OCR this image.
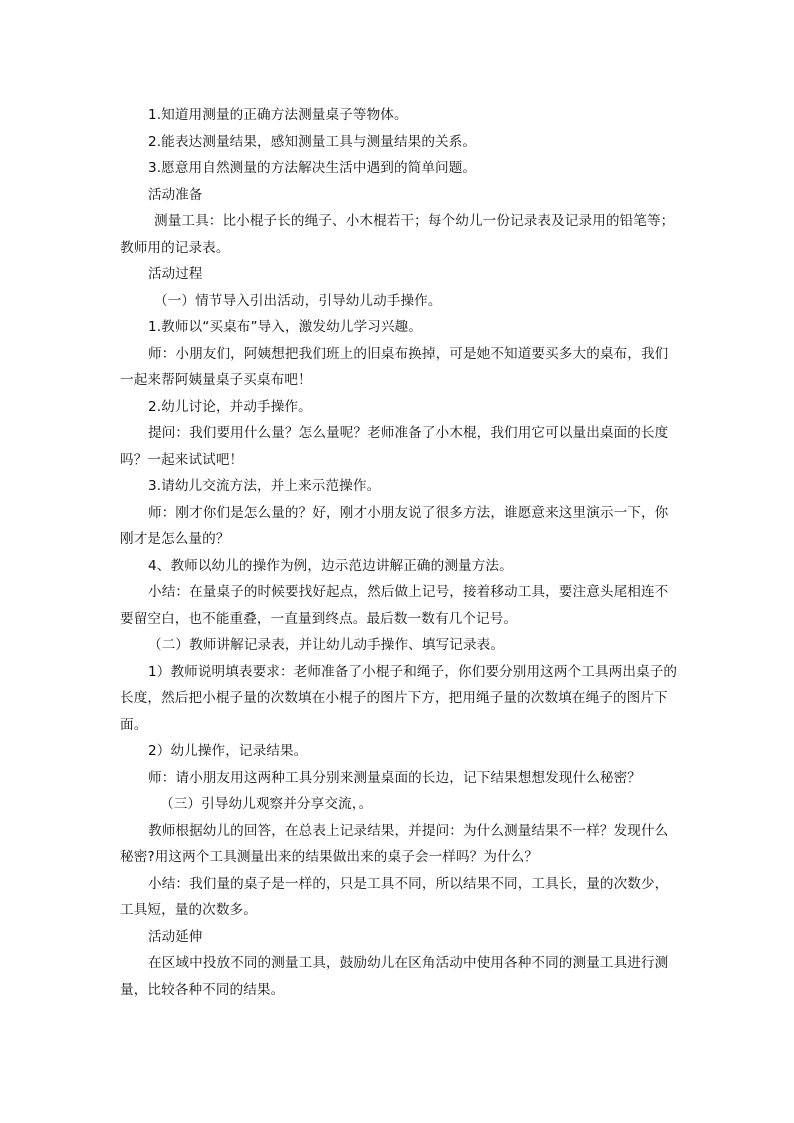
1.知道用测量的正确方法测量桌子等物体。

2.能表达测量结果，感知测量工具与测量结果的关系。

3.愿意用自然测量的方法解决生活中遇到的简单问题。

活动准备

测量工具：比小棍子长的绳子、小木棍若干；每个幼儿一份记录表及记录用的铅笔等；教师用的记录表。

活动过程

（一）情节导入引出活动，引导幼儿动手操作。

1.教师以“买桌布”导入，激发幼儿学习兴趣。

师：小朋友们，阿姨想把我们班上的旧桌布换掉，可是她不知道要买多大的桌布，我们一起来帮阿姨量桌子买桌布吧！

2.幼儿讨论，并动手操作。

提问：我们要用什么量？怎么量呢？老师准备了小木棍，我们用它可以量出桌面的长度吗？一起来试试吧！

3.请幼儿交流方法，并上来示范操作。

师：刚才你们是怎么量的？好，刚才小朋友说了很多方法，谁愿意来这里演示一下，你刚才是怎么量的？

4、教师以幼儿的操作为例，边示范边讲解正确的测量方法。

小结：在量桌子的时候要找好起点，然后做上记号，接着移动工具，要注意头尾相连不要留空白，也不能重叠，一直量到终点。最后数一数有几个记号。

（二）教师讲解记录表，并让幼儿动手操作、填写记录表。

1）教师说明填表要求：老师准备了小棍子和绳子，你们要分别用这两个工具两出桌子的长度，然后把小棍子量的次数填在小棍子的图片下方，把用绳子量的次数填在绳子的图片下面。

2）幼儿操作，记录结果。

师：请小朋友用这两种工具分别来测量桌面的长边，记下结果想想发现什么秘密？

（三）引导幼儿观察并分享交流，。

教师根据幼儿的回答，在总表上记录结果，并提问：为什么测量结果不一样？发现什么秘密?用这两个工具测量出来的结果做出来的桌子会一样吗？为什么？

小结：我们量的桌子是一样的，只是工具不同，所以结果不同，工具长，量的次数少，工具短，量的次数多。

活动延伸

在区域中投放不同的测量工具，鼓励幼儿在区角活动中使用各种不同的测量工具进行测量，比较各种不同的结果。
